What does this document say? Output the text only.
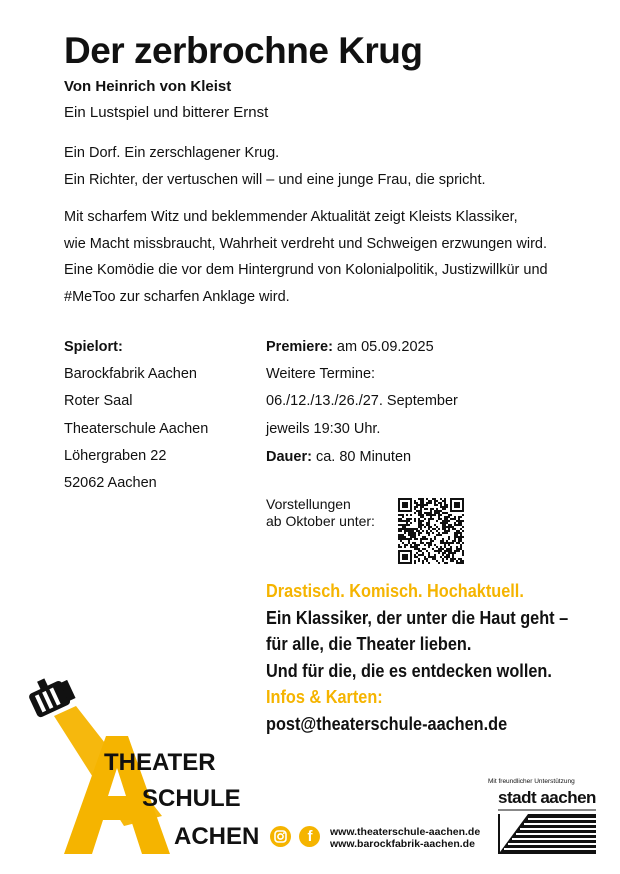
Der zerbrochne Krug
Von Heinrich von Kleist
Ein Lustspiel und bitterer Ernst
Ein Dorf. Ein zerschlagener Krug.
Ein Richter, der vertuschen will – und eine junge Frau, die spricht.
Mit scharfem Witz und beklemmender Aktualität zeigt Kleists Klassiker,
wie Macht missbraucht, Wahrheit verdreht und Schweigen erzwungen wird.
Eine Komödie die vor dem Hintergrund von Kolonialpolitik, Justizwillkür und
#MeToo zur scharfen Anklage wird.
Spielort:
Barockfabrik Aachen
Roter Saal
Theaterschule Aachen
Löhergraben 22
52062 Aachen
Premiere: am 05.09.2025
Weitere Termine:
06./12./13./26./27. September
jeweils 19:30 Uhr.
Dauer: ca. 80 Minuten
Vorstellungen
ab Oktober unter:
Drastisch. Komisch. Hochaktuell.
Ein Klassiker, der unter die Haut geht –
für alle, die Theater lieben.
Und für die, die es entdecken wollen.
Infos & Karten:
post@theaterschule-aachen.de
THEATER
SCHULE
ACHEN
	f	www.theaterschule-aachen.de
www.barockfabrik-aachen.de
Mit freundlicher Unterstützung
stadt aachen
